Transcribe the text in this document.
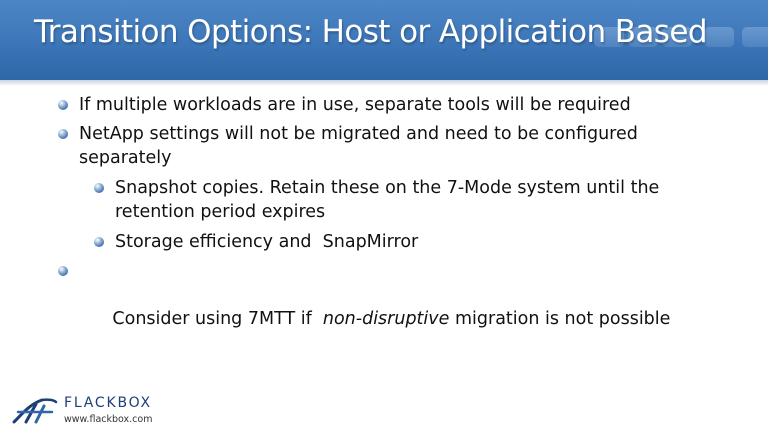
Transition Options: Host or Application Based
If multiple workloads are in use, separate tools will be required
NetApp settings will not be migrated and need to be configured
separately
Snapshot copies. Retain these on the 7-Mode system until the
retention period expires
Storage efficiency and  SnapMirror

Consider using 7MTT if  non-disruptive migration is not possible

FLACKBOX
www.flackbox.com
